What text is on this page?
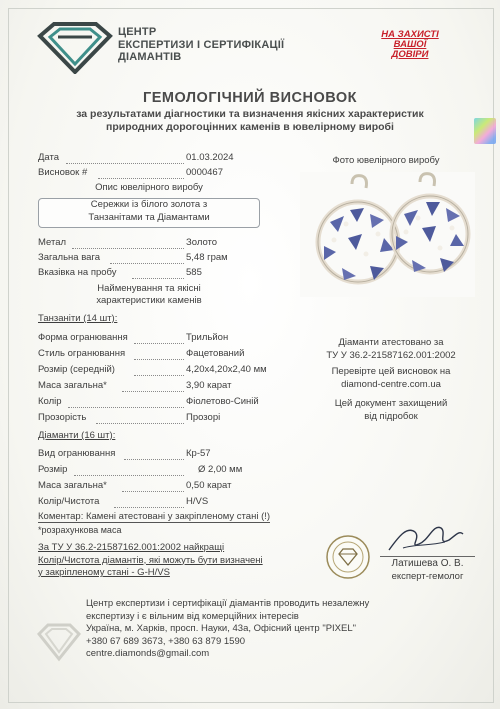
ЦЕНТР
ЕКСПЕРТИЗИ І СЕРТИФІКАЦІЇ
ДІАМАНТІВ
НА ЗАХИСТІ
ВАШОЇ
ДОВІРИ
ГЕМОЛОГІЧНИЙ ВИСНОВОК
за результатами діагностики та визначення якісних характеристик
природних дорогоцінних каменів в ювелірному виробі
Дата	01.03.2024
Висновок #	0000467
Опис ювелірного виробу
Сережки із білого золота з
Танзанітами та Діамантами
Метал	Золото
Загальна вага	5,48 грам
Вказівка на пробу	585
Найменування та якісні
характеристики каменів
Танзаніти (14 шт):
Форма огранювання	Трильйон
Стиль огранювання	Фацетований
Розмір (середній)	4,20х4,20х2,40 мм
Маса загальна*	3,90 карат
Колір	Фіолетово-Синій
Прозорість	Прозорі
Діаманти (16 шт):
Вид огранювання	Кр-57
Розмір	Ø 2,00 мм
Маса загальна*	0,50 карат
Колір/Чистота	H/VS
Коментар: Камені атестовані у закріпленому стані (!)
*розрахункова маса
За ТУ У 36.2-21587162.001:2002 найкращі
Колір/Чистота діамантів, які можуть бути визначені
у закріпленому стані - G-H/VS
Фото ювелірного виробу
Діаманти атестовано за
ТУ У 36.2-21587162.001:2002
Перевірте цей висновок на
diamond-centre.com.ua
Цей документ захищений
від підробок
Латишева О. В.
експерт-гемолог
Центр експертизи і сертифікації діамантів проводить незалежну
експертизу і є вільним від комерційних інтересів
Україна, м. Харків, просп. Науки, 43а, Офісний центр "PIXEL"
+380 67 689 3673, +380 63 879 1590
centre.diamonds@gmail.com
